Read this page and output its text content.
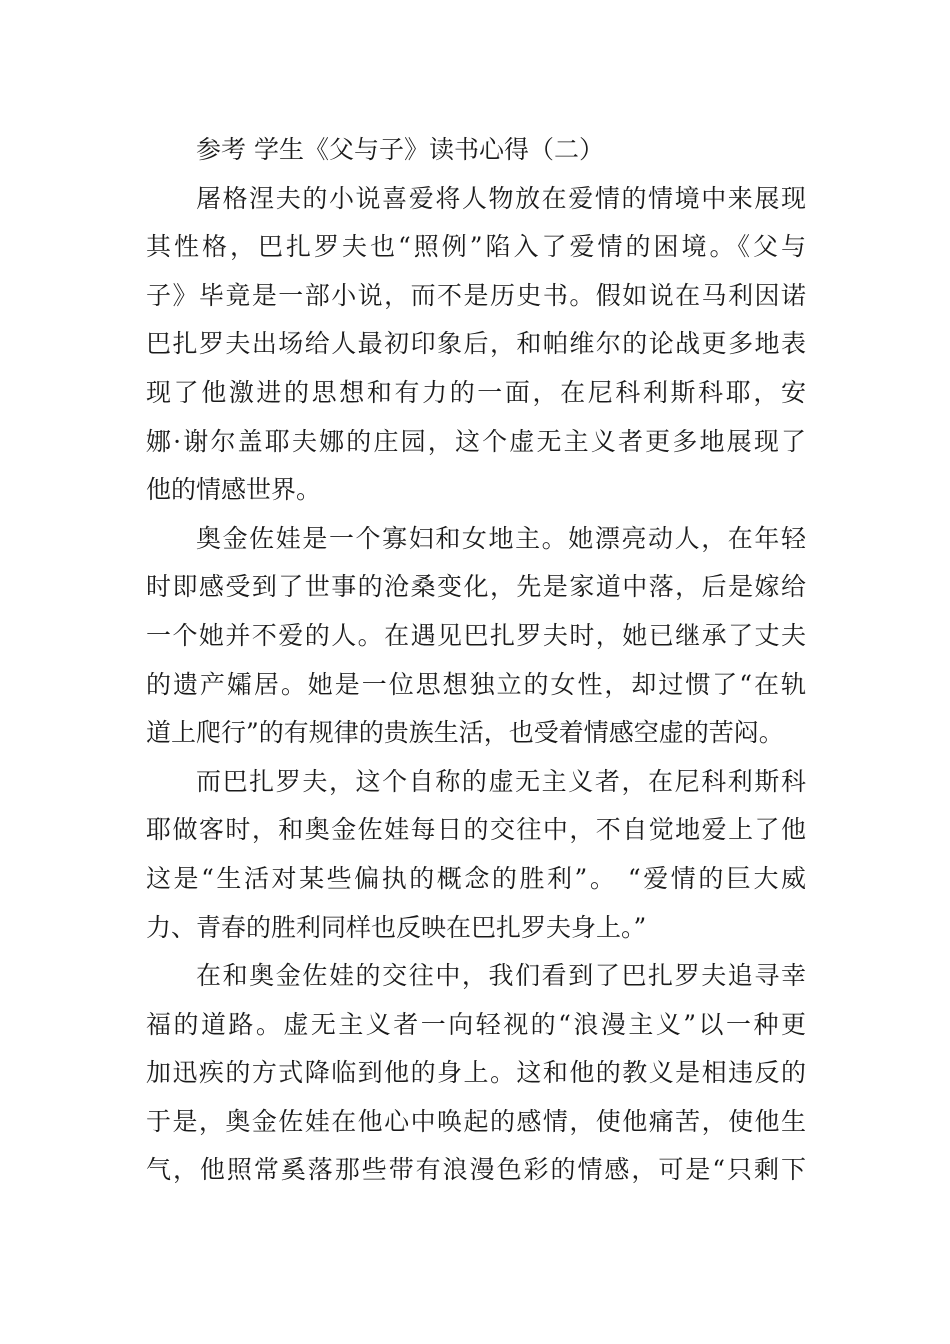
参考 学生《父与子》读书心得（二）
屠格涅夫的小说喜爱将人物放在爱情的情境中来展现
其性格，巴扎罗夫也“照例”陷入了爱情的困境。《父与
子》毕竟是一部小说，而不是历史书。假如说在马利因诺
巴扎罗夫出场给人最初印象后，和帕维尔的论战更多地表
现了他激进的思想和有力的一面，在尼科利斯科耶，安
娜·谢尔盖耶夫娜的庄园，这个虚无主义者更多地展现了
他的情感世界。
奥金佐娃是一个寡妇和女地主。她漂亮动人，在年轻
时即感受到了世事的沧桑变化，先是家道中落，后是嫁给
一个她并不爱的人。在遇见巴扎罗夫时，她已继承了丈夫
的遗产孀居。她是一位思想独立的女性，却过惯了“在轨
道上爬行”的有规律的贵族生活，也受着情感空虚的苦闷。
而巴扎罗夫，这个自称的虚无主义者，在尼科利斯科
耶做客时，和奥金佐娃每日的交往中，不自觉地爱上了他
这是“生活对某些偏执的概念的胜利”。 “爱情的巨大威
力、青春的胜利同样也反映在巴扎罗夫身上。”
在和奥金佐娃的交往中，我们看到了巴扎罗夫追寻幸
福的道路。虚无主义者一向轻视的“浪漫主义”以一种更
加迅疾的方式降临到他的身上。这和他的教义是相违反的
于是，奥金佐娃在他心中唤起的感情，使他痛苦，使他生
气，他照常奚落那些带有浪漫色彩的情感，可是“只剩下
